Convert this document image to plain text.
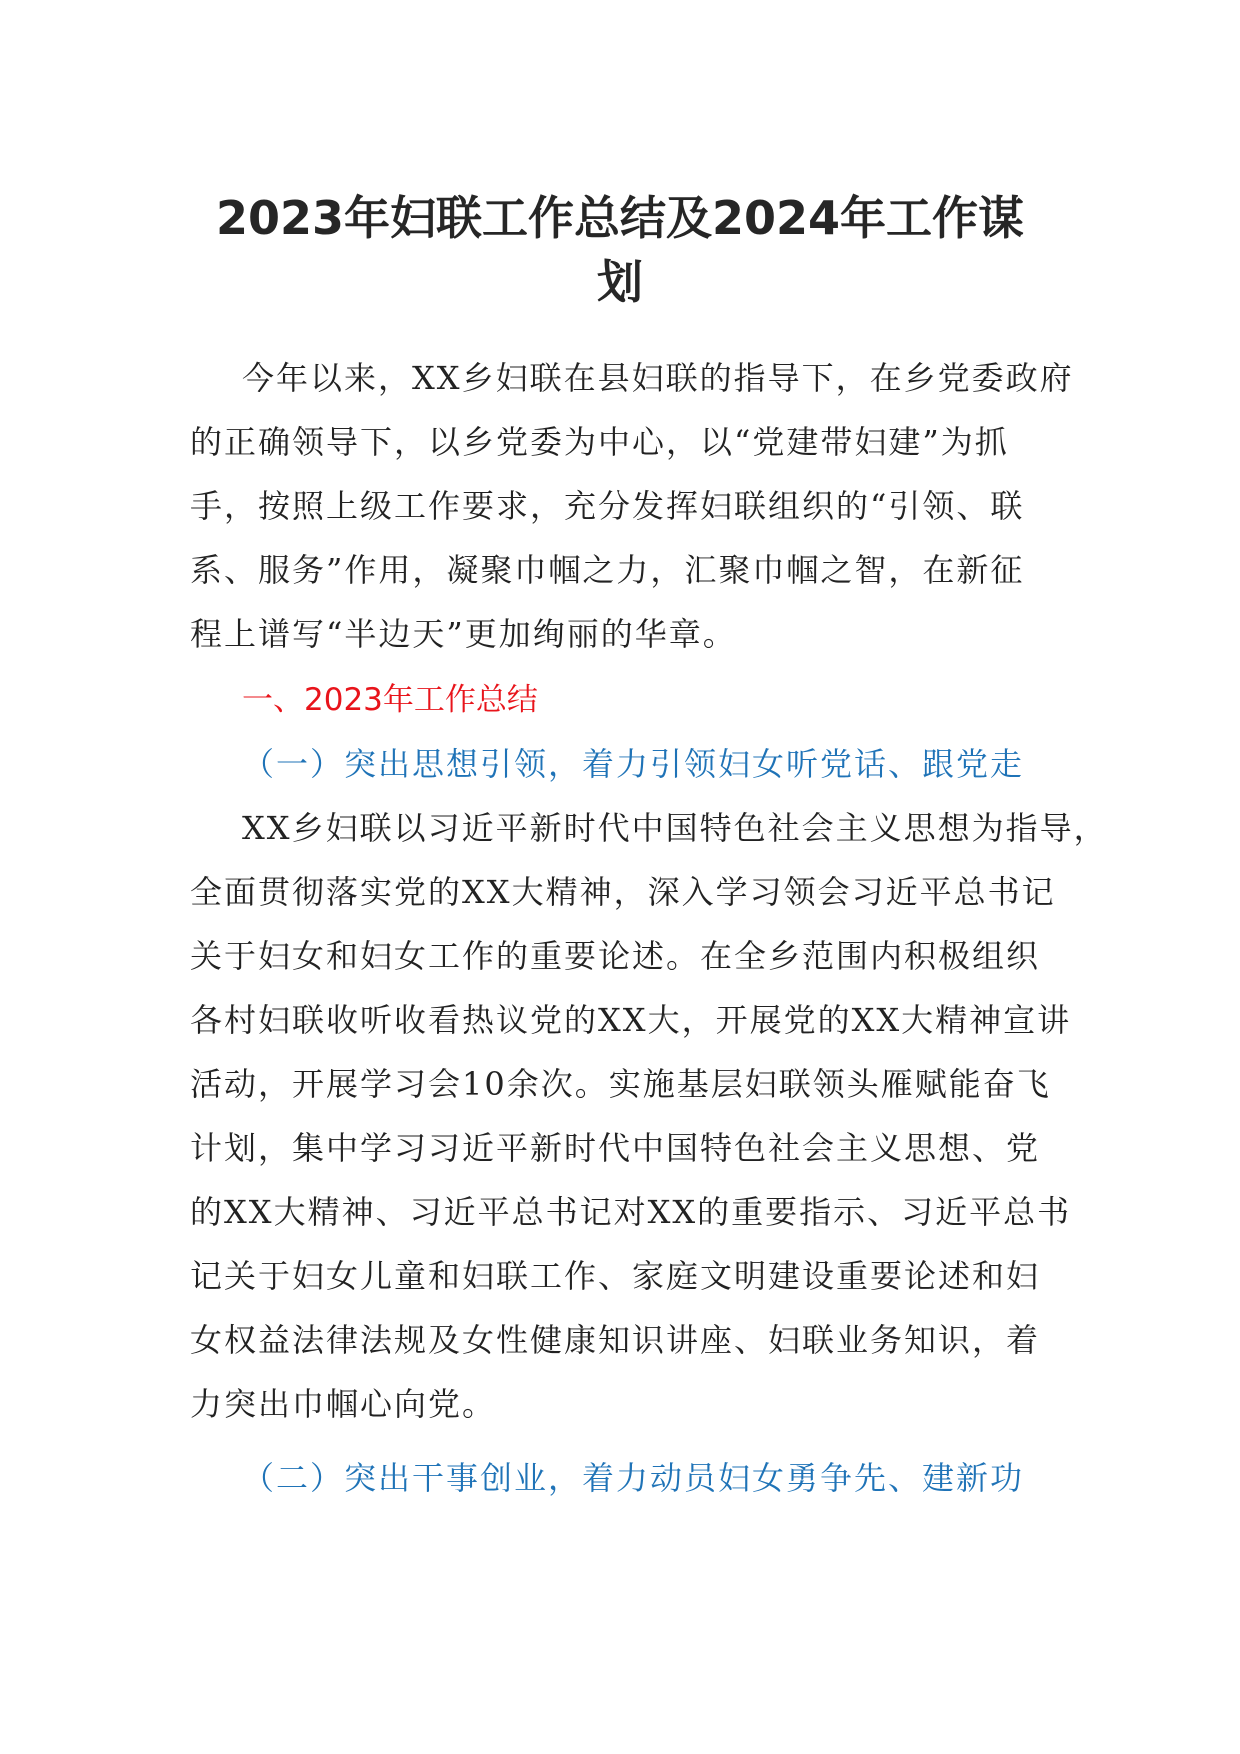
2023年妇联工作总结及2024年工作谋
划
今年以来，XX乡妇联在县妇联的指导下，在乡党委政府
的正确领导下，以乡党委为中心，以“党建带妇建”为抓
手，按照上级工作要求，充分发挥妇联组织的“引领、联
系、服务”作用，凝聚巾帼之力，汇聚巾帼之智，在新征
程上谱写“半边天”更加绚丽的华章。
一、2023年工作总结
（一）突出思想引领，着力引领妇女听党话、跟党走
XX乡妇联以习近平新时代中国特色社会主义思想为指导，
全面贯彻落实党的XX大精神，深入学习领会习近平总书记
关于妇女和妇女工作的重要论述。在全乡范围内积极组织
各村妇联收听收看热议党的XX大，开展党的XX大精神宣讲
活动，开展学习会10余次。实施基层妇联领头雁赋能奋飞
计划，集中学习习近平新时代中国特色社会主义思想、党
的XX大精神、习近平总书记对XX的重要指示、习近平总书
记关于妇女儿童和妇联工作、家庭文明建设重要论述和妇
女权益法律法规及女性健康知识讲座、妇联业务知识，着
力突出巾帼心向党。
（二）突出干事创业，着力动员妇女勇争先、建新功
